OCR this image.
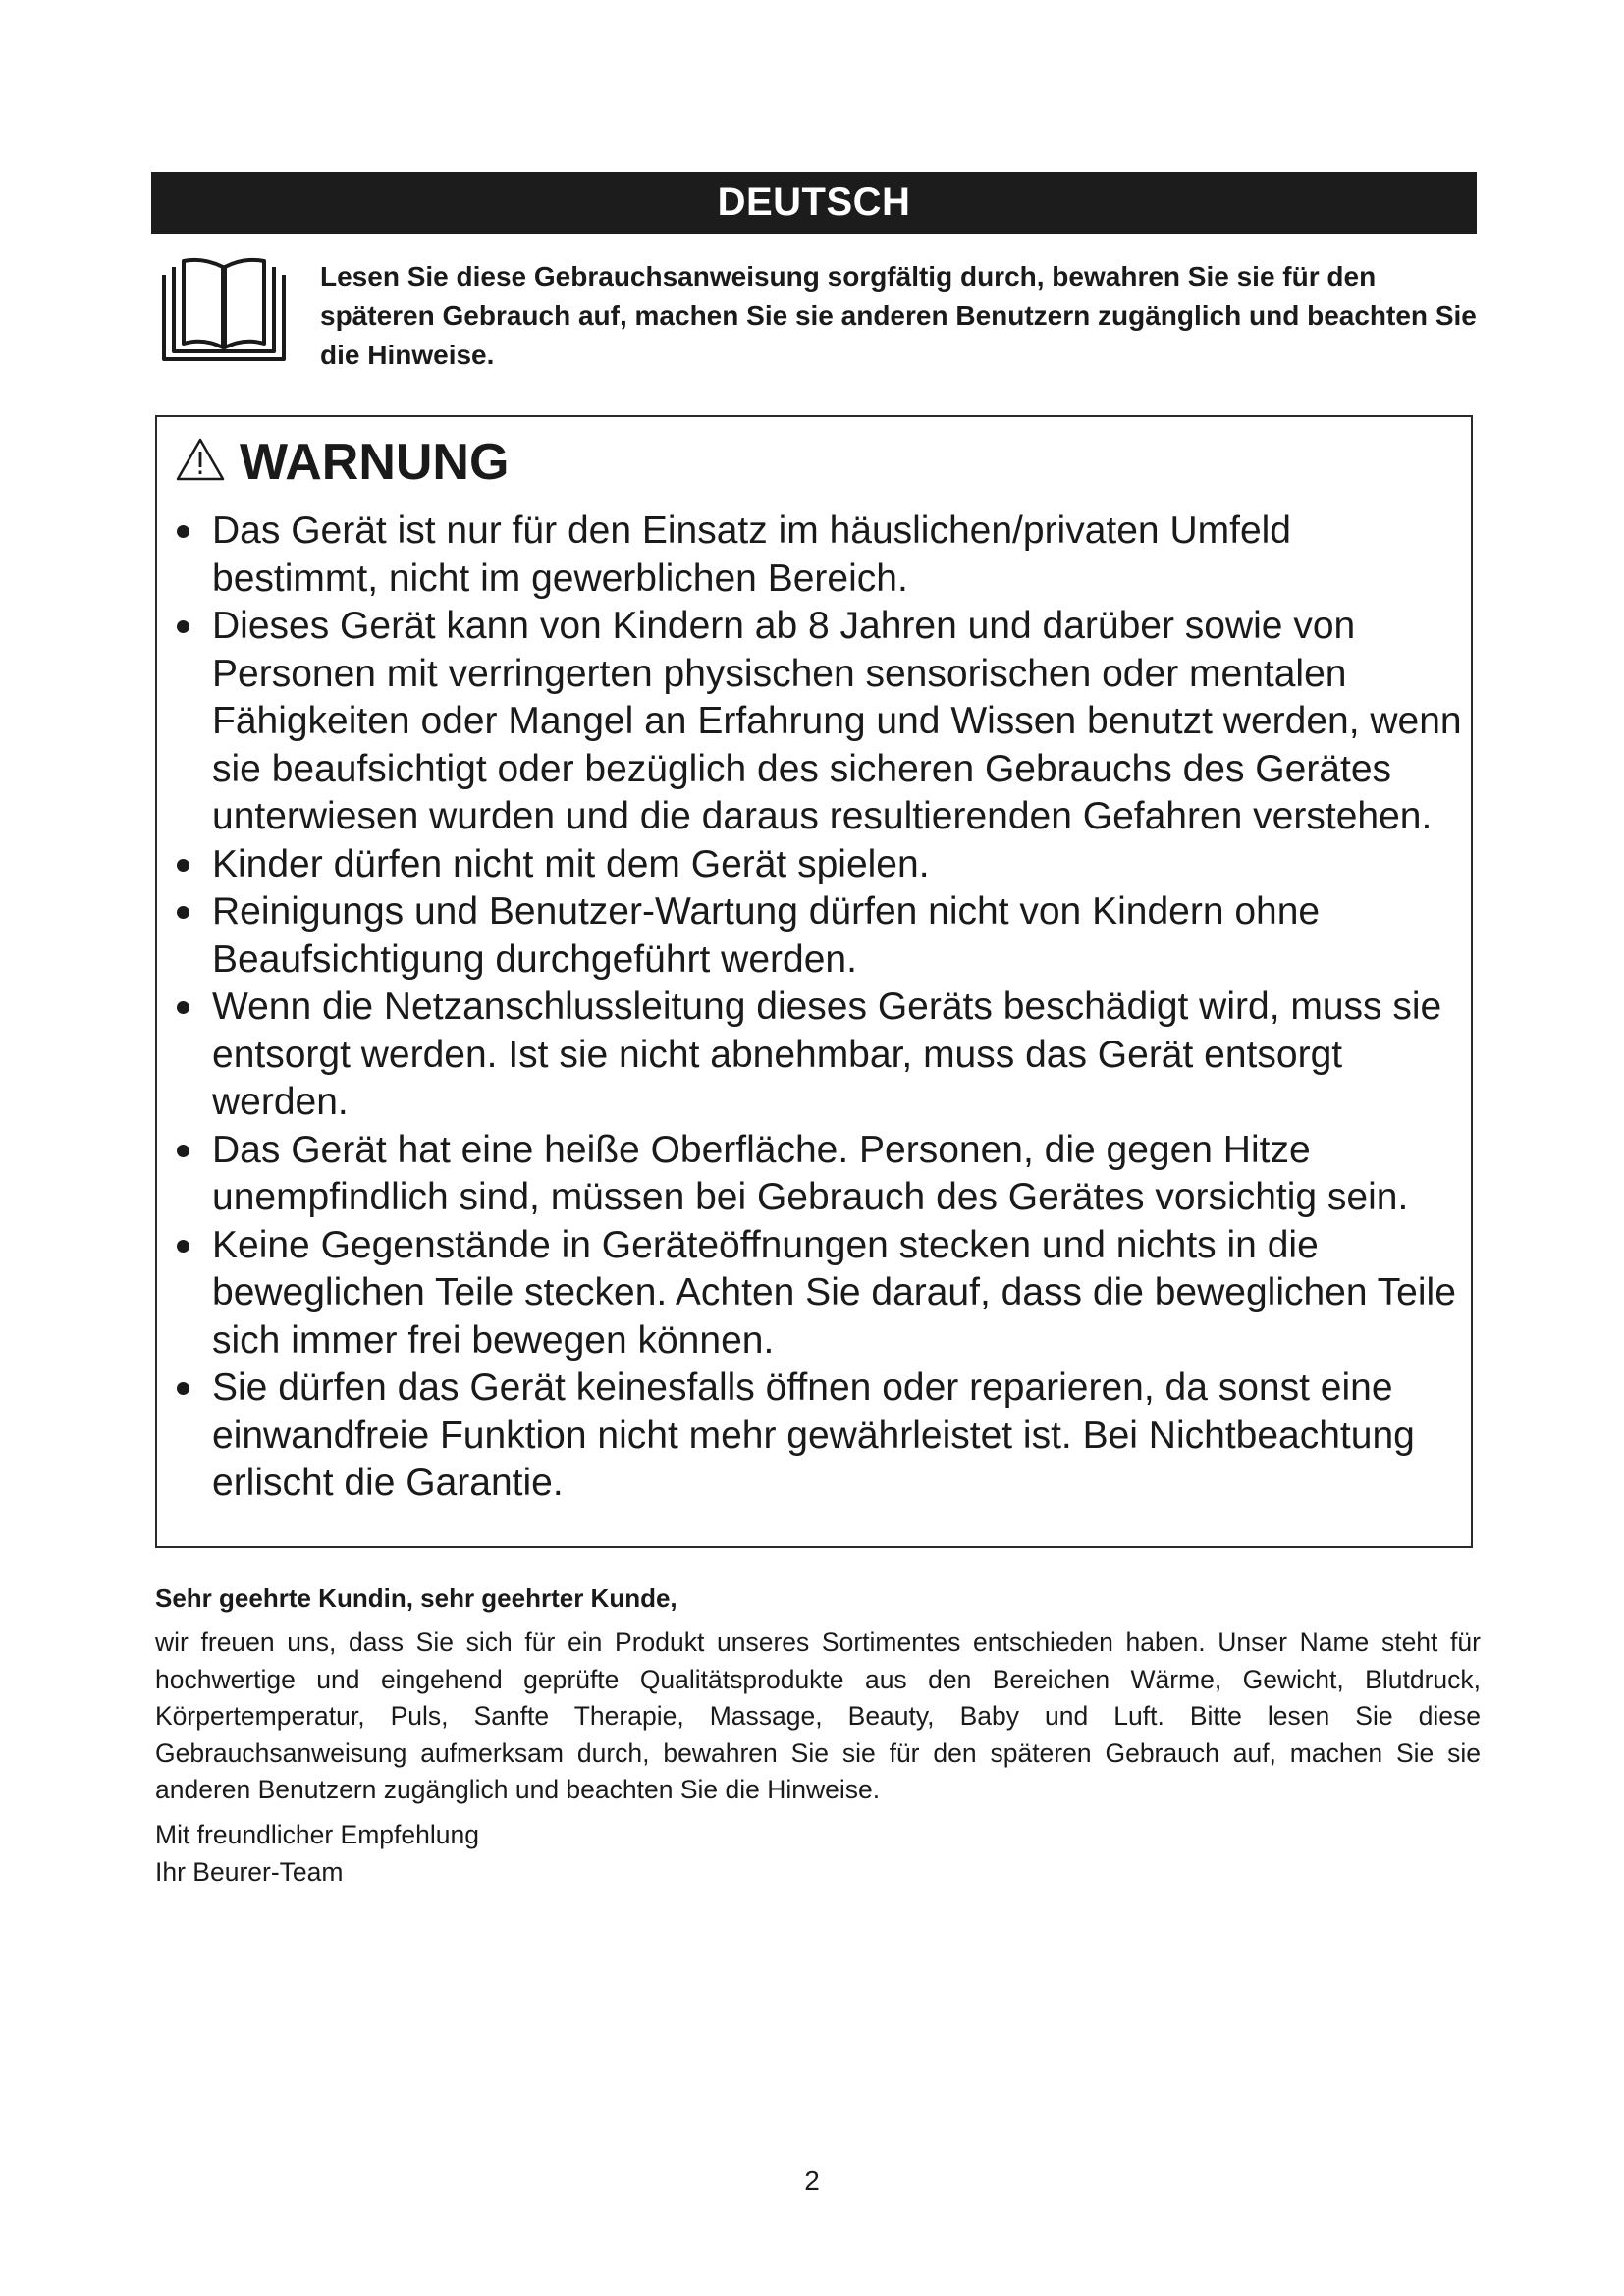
DEUTSCH

Lesen Sie diese Gebrauchsanweisung sorgfältig durch, bewahren Sie sie für den späteren Gebrauch auf, machen Sie sie anderen Benutzern zugänglich und beachten Sie die Hinweise.

WARNUNG
Das Gerät ist nur für den Einsatz im häuslichen/privaten Umfeld bestimmt, nicht im gewerblichen Bereich.
Dieses Gerät kann von Kindern ab 8 Jahren und darüber sowie von Personen mit verringerten physischen sensorischen oder mentalen Fähigkeiten oder Mangel an Erfahrung und Wissen benutzt werden, wenn sie beaufsichtigt oder bezüglich des sicheren Gebrauchs des Gerätes unterwiesen wurden und die daraus resultierenden Gefahren verstehen.
Kinder dürfen nicht mit dem Gerät spielen.
Reinigungs und Benutzer-Wartung dürfen nicht von Kindern ohne Beaufsichtigung durchgeführt werden.
Wenn die Netzanschlussleitung dieses Geräts beschädigt wird, muss sie entsorgt werden. Ist sie nicht abnehmbar, muss das Gerät entsorgt werden.
Das Gerät hat eine heiße Oberfläche. Personen, die gegen Hitze unempfindlich sind, müssen bei Gebrauch des Gerätes vorsichtig sein.
Keine Gegenstände in Geräteöffnungen stecken und nichts in die beweglichen Teile stecken. Achten Sie darauf, dass die beweglichen Teile sich immer frei bewegen können.
Sie dürfen das Gerät keinesfalls öffnen oder reparieren, da sonst eine einwandfreie Funktion nicht mehr gewährleistet ist. Bei Nichtbeachtung erlischt die Garantie.

Sehr geehrte Kundin, sehr geehrter Kunde,

wir freuen uns, dass Sie sich für ein Produkt unseres Sortimentes entschieden haben. Unser Name steht für hochwertige und eingehend geprüfte Qualitätsprodukte aus den Bereichen Wärme, Gewicht, Blutdruck, Körpertemperatur, Puls, Sanfte Therapie, Massage, Beauty, Baby und Luft. Bitte lesen Sie diese Gebrauchsanweisung aufmerksam durch, bewahren Sie sie für den späteren Gebrauch auf, machen Sie sie anderen Benutzern zugänglich und beachten Sie die Hinweise.

Mit freundlicher Empfehlung
Ihr Beurer-Team
2
